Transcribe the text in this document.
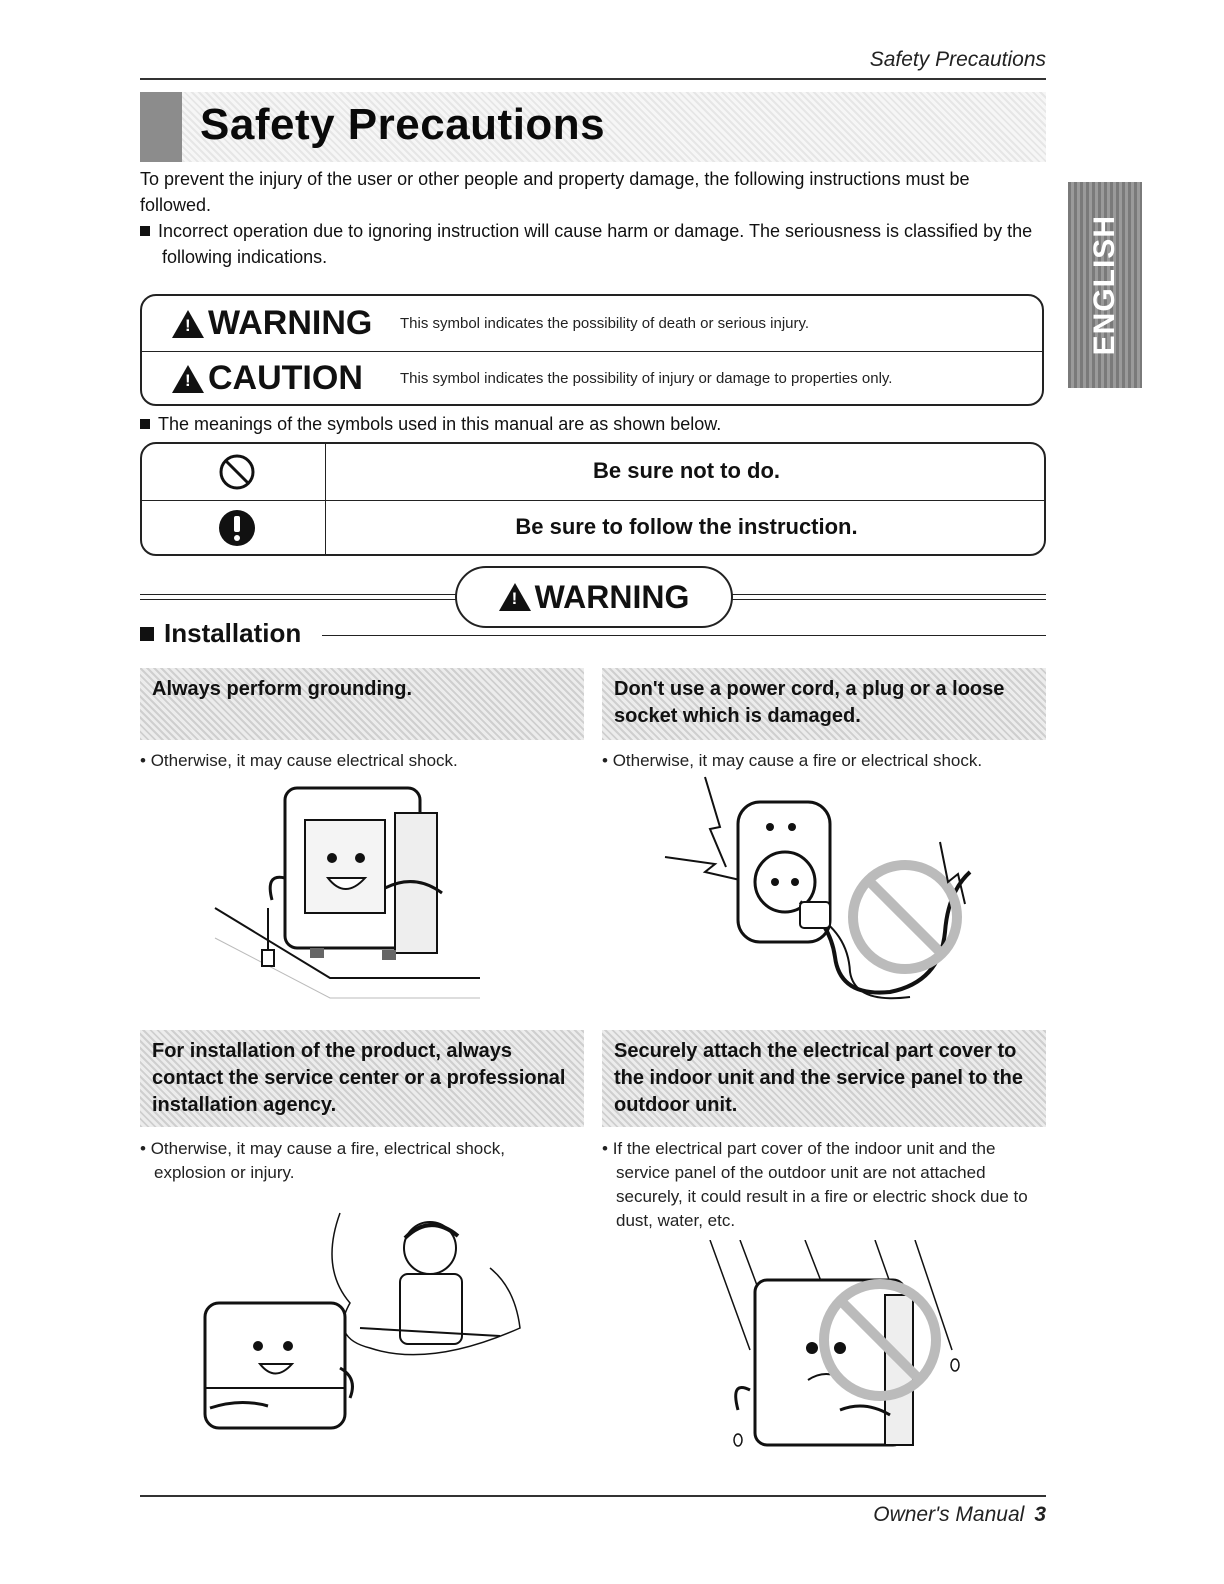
Safety Precautions
Safety Precautions
ENGLISH

To prevent the injury of the user or other people and property damage, the following instructions must be followed.

Incorrect operation due to ignoring instruction will cause harm or damage. The seriousness is classified by the following indications.

!
WARNING This symbol indicates the possibility of death or serious injury.
!
CAUTION This symbol indicates the possibility of injury or damage to properties only.
The meanings of the symbols used in this manual are as shown below.
Be sure not to do.
Be sure to follow the instruction.
!
WARNING
Installation
Always perform grounding.
• Otherwise, it may cause electrical shock.
Don't use a power cord, a plug or a loose socket which is damaged.
• Otherwise, it may cause a fire or electrical shock.
For installation of the product, always contact the service center or a professional installation agency.
• Otherwise, it may cause a fire, electrical shock, explosion or injury.
Securely attach the electrical part cover to the indoor unit and the service panel to the outdoor unit.
• If the electrical part cover of the indoor unit and the service panel of the outdoor unit are not attached securely, it could result in a fire or electric shock due to dust, water, etc.
Owner's Manual 3
